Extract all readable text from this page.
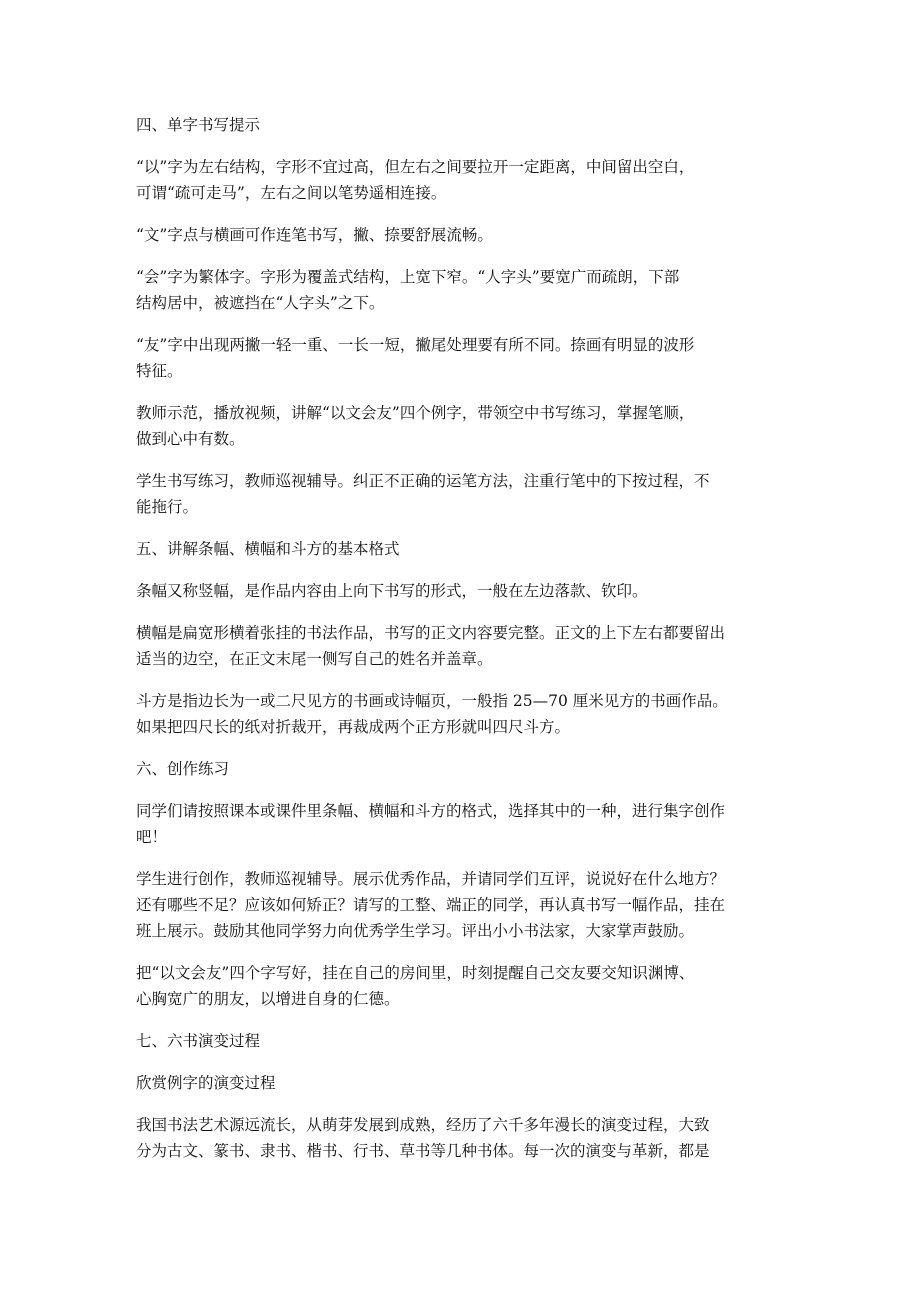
四、单字书写提示
“以”字为左右结构，字形不宜过高，但左右之间要拉开一定距离，中间留出空白，
可谓“疏可走马”，左右之间以笔势遥相连接。
“文”字点与横画可作连笔书写，撇、捺要舒展流畅。
“会”字为繁体字。字形为覆盖式结构，上宽下窄。“人字头”要宽广而疏朗，下部
结构居中，被遮挡在“人字头”之下。
“友”字中出现两撇一轻一重、一长一短，撇尾处理要有所不同。捺画有明显的波形
特征。
教师示范，播放视频，讲解“以文会友”四个例字，带领空中书写练习，掌握笔顺，
做到心中有数。
学生书写练习，教师巡视辅导。纠正不正确的运笔方法，注重行笔中的下按过程，不
能拖行。
五、讲解条幅、横幅和斗方的基本格式
条幅又称竖幅，是作品内容由上向下书写的形式，一般在左边落款、钦印。
横幅是扁宽形横着张挂的书法作品，书写的正文内容要完整。正文的上下左右都要留出
适当的边空，在正文末尾一侧写自己的姓名并盖章。
斗方是指边长为一或二尺见方的书画或诗幅页，一般指 25—70 厘米见方的书画作品。
如果把四尺长的纸对折裁开，再裁成两个正方形就叫四尺斗方。
六、创作练习
同学们请按照课本或课件里条幅、横幅和斗方的格式，选择其中的一种，进行集字创作
吧！
学生进行创作，教师巡视辅导。展示优秀作品，并请同学们互评，说说好在什么地方？
还有哪些不足？应该如何矫正？请写的工整、端正的同学，再认真书写一幅作品，挂在
班上展示。鼓励其他同学努力向优秀学生学习。评出小小书法家，大家掌声鼓励。
把“以文会友”四个字写好，挂在自己的房间里，时刻提醒自己交友要交知识渊博、
心胸宽广的朋友，以增进自身的仁德。
七、六书演变过程
欣赏例字的演变过程
我国书法艺术源远流长，从萌芽发展到成熟，经历了六千多年漫长的演变过程，大致
分为古文、篆书、隶书、楷书、行书、草书等几种书体。每一次的演变与革新，都是
